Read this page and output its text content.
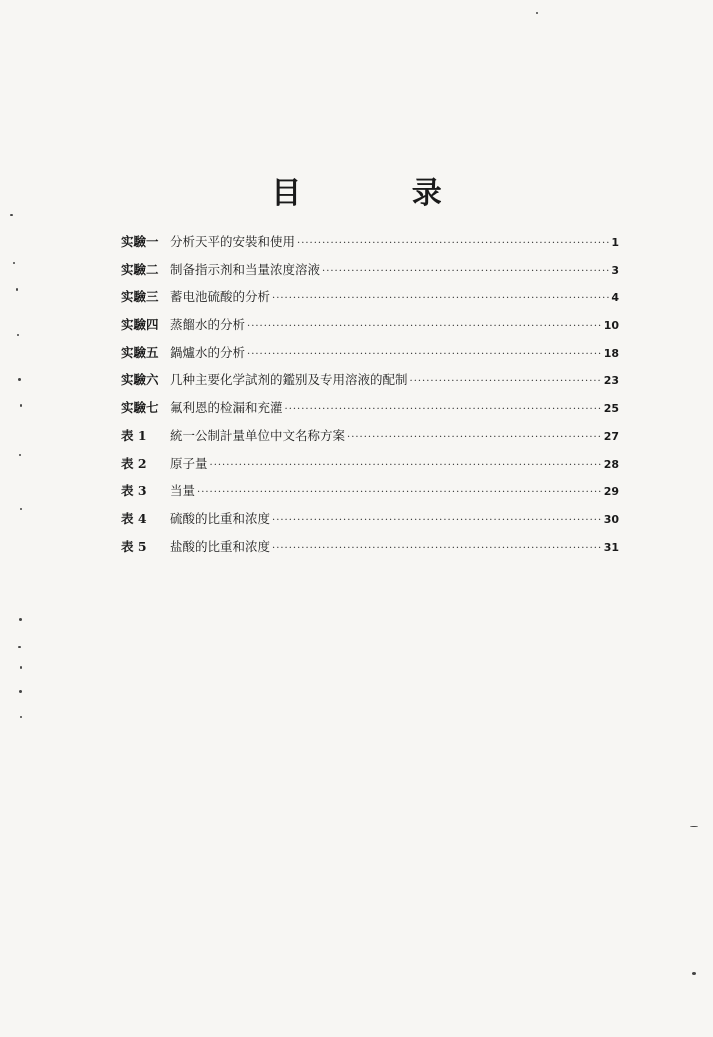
目 录
实驗一 分析天平的安裝和使用 ·····	1
实驗二 制备指示剂和当量浓度溶液 ·····	3
实驗三 蓄电池硫酸的分析 ·····	4
实驗四 蒸餾水的分析 ·····	10
实驗五 鍋爐水的分析 ·····	18
实驗六 几种主要化学試剂的鑑别及专用溶液的配制 ·····	23
实驗七 氟利恩的检漏和充灌 ·····	25
表 1	統一公制計量单位中文名称方案 ·····	27
表 2	原子量 ·····	28
表 3	当量 ·····	29
表 4	硫酸的比重和浓度 ·····	30
表 5	盐酸的比重和浓度 ·····	31
